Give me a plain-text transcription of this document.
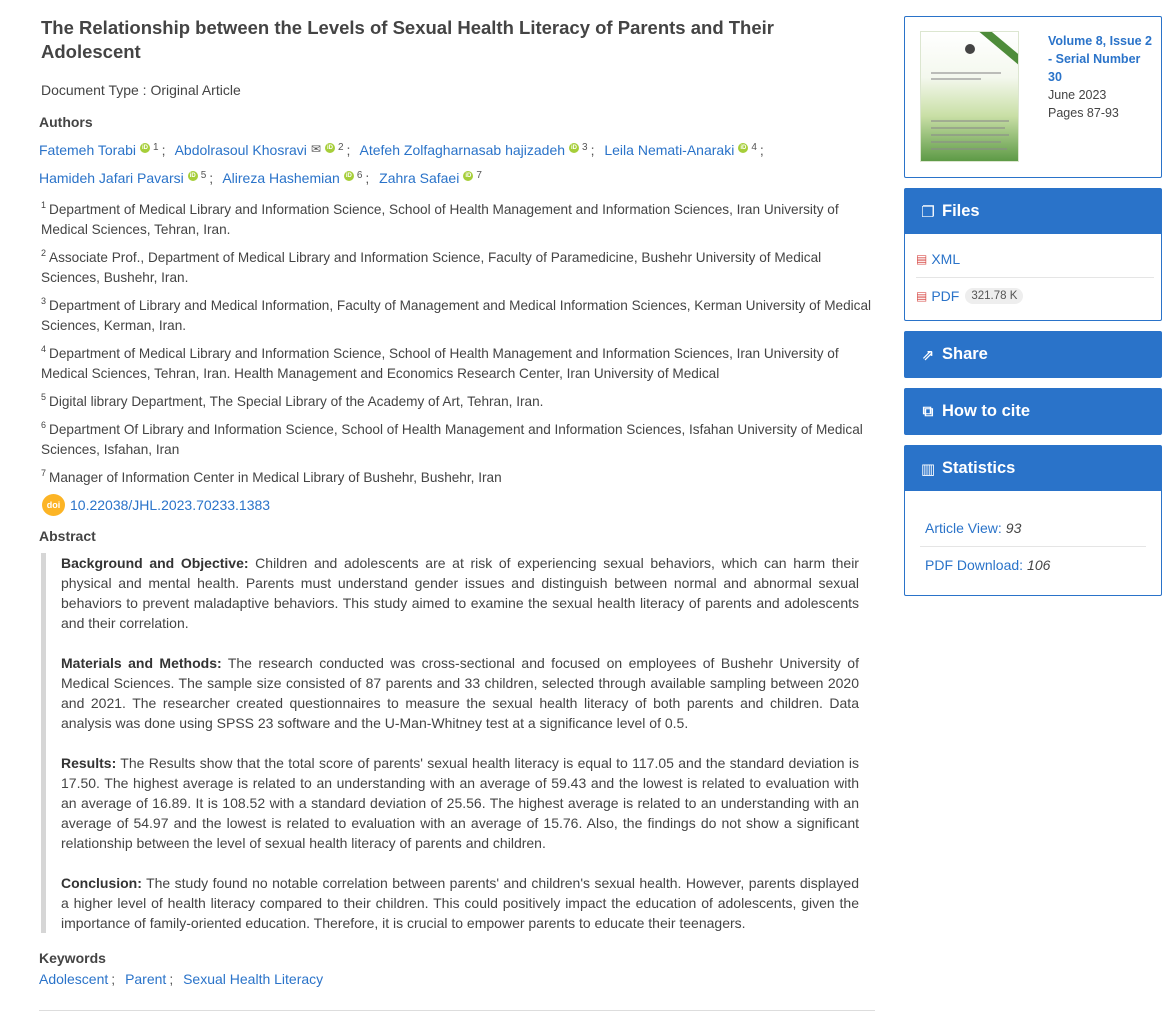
The Relationship between the Levels of Sexual Health Literacy of Parents and Their Adolescent
Document Type : Original Article
Authors
Fatemeh Torabi iD $^1$ ; Abdolrasoul Khosravi ✉ iD $^2$ ; Atefeh Zolfagharnasab hajizadeh iD $^3$ ; Leila Nemati-Anaraki iD $^4$ ;
Hamideh Jafari Pavarsi iD $^5$ ; Alireza Hashemian iD $^6$ ; Zahra Safaei iD $^7$
$^1$ Department of Medical Library and Information Science, School of Health Management and Information Sciences, Iran University of Medical Sciences, Tehran, Iran.
$^2$ Associate Prof., Department of Medical Library and Information Science, Faculty of Paramedicine, Bushehr University of Medical Sciences, Bushehr, Iran.
$^3$ Department of Library and Medical Information, Faculty of Management and Medical Information Sciences, Kerman University of Medical Sciences, Kerman, Iran.
$^4$ Department of Medical Library and Information Science, School of Health Management and Information Sciences, Iran University of Medical Sciences, Tehran, Iran. Health Management and Economics Research Center, Iran University of Medical
$^5$ Digital library Department, The Special Library of the Academy of Art, Tehran, Iran.
$^6$ Department Of Library and Information Science, School of Health Management and Information Sciences, Isfahan University of Medical Sciences, Isfahan, Iran
$^7$ Manager of Information Center in Medical Library of Bushehr, Bushehr, Iran
doi 10.22038/JHL.2023.70233.1383
Abstract

Background and Objective: Children and adolescents are at risk of experiencing sexual behaviors, which can harm their physical and mental health. Parents must understand gender issues and distinguish between normal and abnormal sexual behaviors to prevent maladaptive behaviors. This study aimed to examine the sexual health literacy of parents and adolescents and their correlation.

Materials and Methods: The research conducted was cross-sectional and focused on employees of Bushehr University of Medical Sciences. The sample size consisted of 87 parents and 33 children, selected through available sampling between 2020 and 2021. The researcher created questionnaires to measure the sexual health literacy of both parents and children. Data analysis was done using SPSS 23 software and the U-Man-Whitney test at a significance level of 0.5.

Results: The Results show that the total score of parents' sexual health literacy is equal to 117.05 and the standard deviation is 17.50. The highest average is related to an understanding with an average of 59.43 and the lowest is related to evaluation with an average of 16.89. It is 108.52 with a standard deviation of 25.56. The highest average is related to an understanding with an average of 54.97 and the lowest is related to evaluation with an average of 15.76. Also, the findings do not show a significant relationship between the level of sexual health literacy of parents and children.

Conclusion: The study found no notable correlation between parents' and children's sexual health. However, parents displayed a higher level of health literacy compared to their children. This could positively impact the education of adolescents, given the importance of family-oriented education. Therefore, it is crucial to empower parents to educate their teenagers.

Keywords
Adolescent ; Parent ; Sexual Health Literacy
Volume 8, Issue 2 - Serial Number 30
June 2023
Pages 87-93
❐ Files
▤ XML
▤ PDF	321.78 K
⇗ Share
⧉ How to cite
▥ Statistics
Article View: 93
PDF Download: 106
